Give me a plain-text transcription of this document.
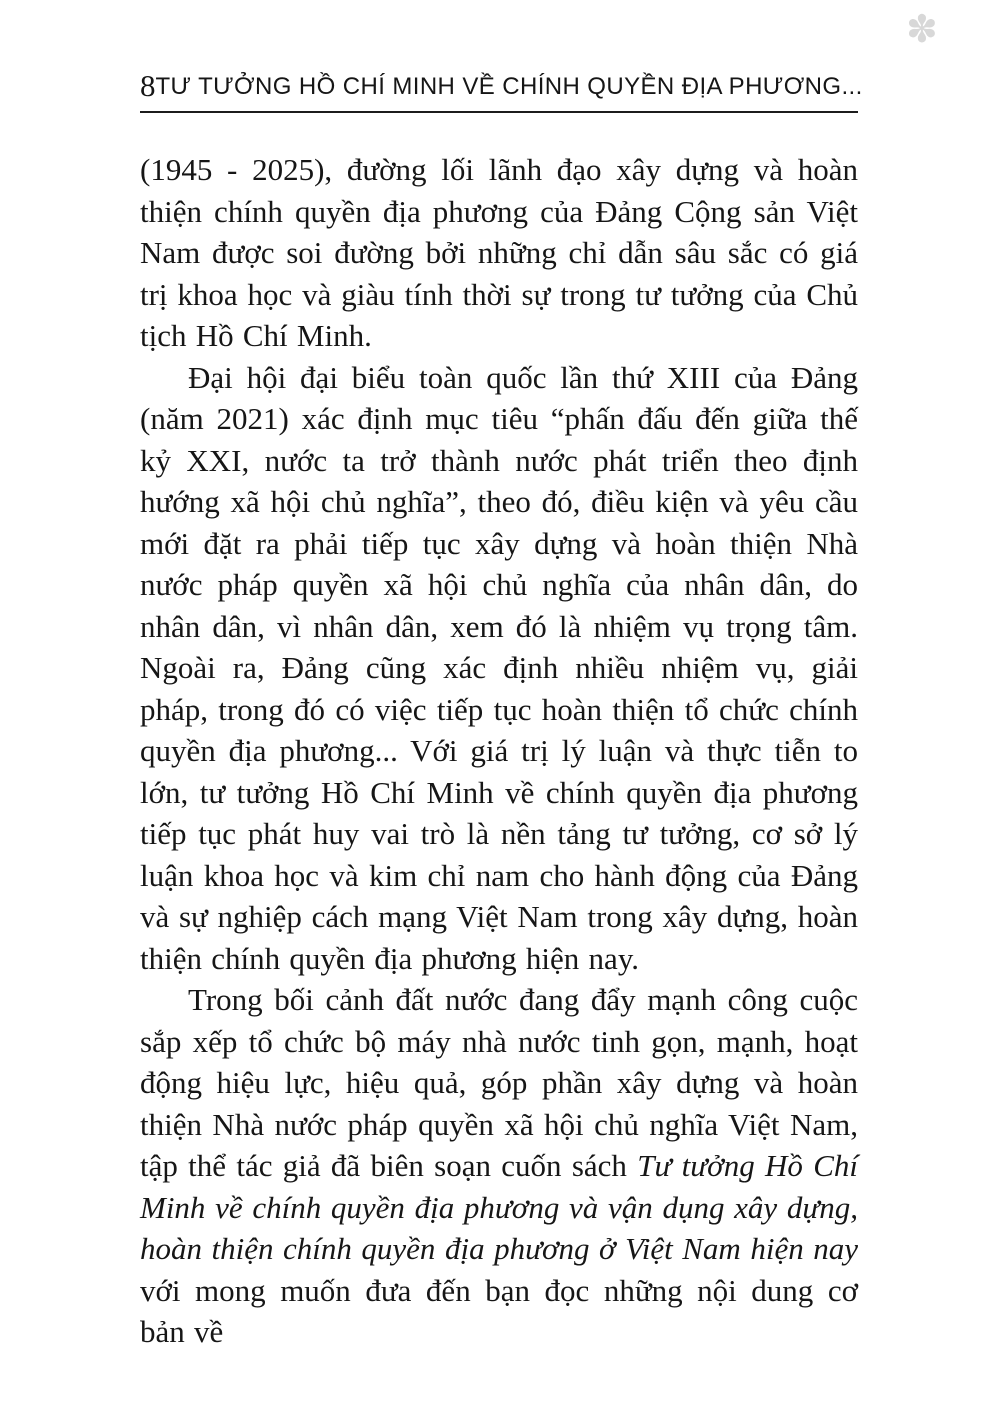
✽
8 TƯ TƯỞNG HỒ CHÍ MINH VỀ CHÍNH QUYỀN ĐỊA PHƯƠNG...

(1945 - 2025), đường lối lãnh đạo xây dựng và hoàn thiện chính quyền địa phương của Đảng Cộng sản Việt Nam được soi đường bởi những chỉ dẫn sâu sắc có giá trị khoa học và giàu tính thời sự trong tư tưởng của Chủ tịch Hồ Chí Minh.

Đại hội đại biểu toàn quốc lần thứ XIII của Đảng (năm 2021) xác định mục tiêu “phấn đấu đến giữa thế kỷ XXI, nước ta trở thành nước phát triển theo định hướng xã hội chủ nghĩa”, theo đó, điều kiện và yêu cầu mới đặt ra phải tiếp tục xây dựng và hoàn thiện Nhà nước pháp quyền xã hội chủ nghĩa của nhân dân, do nhân dân, vì nhân dân, xem đó là nhiệm vụ trọng tâm. Ngoài ra, Đảng cũng xác định nhiều nhiệm vụ, giải pháp, trong đó có việc tiếp tục hoàn thiện tổ chức chính quyền địa phương... Với giá trị lý luận và thực tiễn to lớn, tư tưởng Hồ Chí Minh về chính quyền địa phương tiếp tục phát huy vai trò là nền tảng tư tưởng, cơ sở lý luận khoa học và kim chỉ nam cho hành động của Đảng và sự nghiệp cách mạng Việt Nam trong xây dựng, hoàn thiện chính quyền địa phương hiện nay.

Trong bối cảnh đất nước đang đẩy mạnh công cuộc sắp xếp tổ chức bộ máy nhà nước tinh gọn, mạnh, hoạt động hiệu lực, hiệu quả, góp phần xây dựng và hoàn thiện Nhà nước pháp quyền xã hội chủ nghĩa Việt Nam, tập thể tác giả đã biên soạn cuốn sách Tư tưởng Hồ Chí Minh về chính quyền địa phương và vận dụng xây dựng, hoàn thiện chính quyền địa phương ở Việt Nam hiện nay với mong muốn đưa đến bạn đọc những nội dung cơ bản về
